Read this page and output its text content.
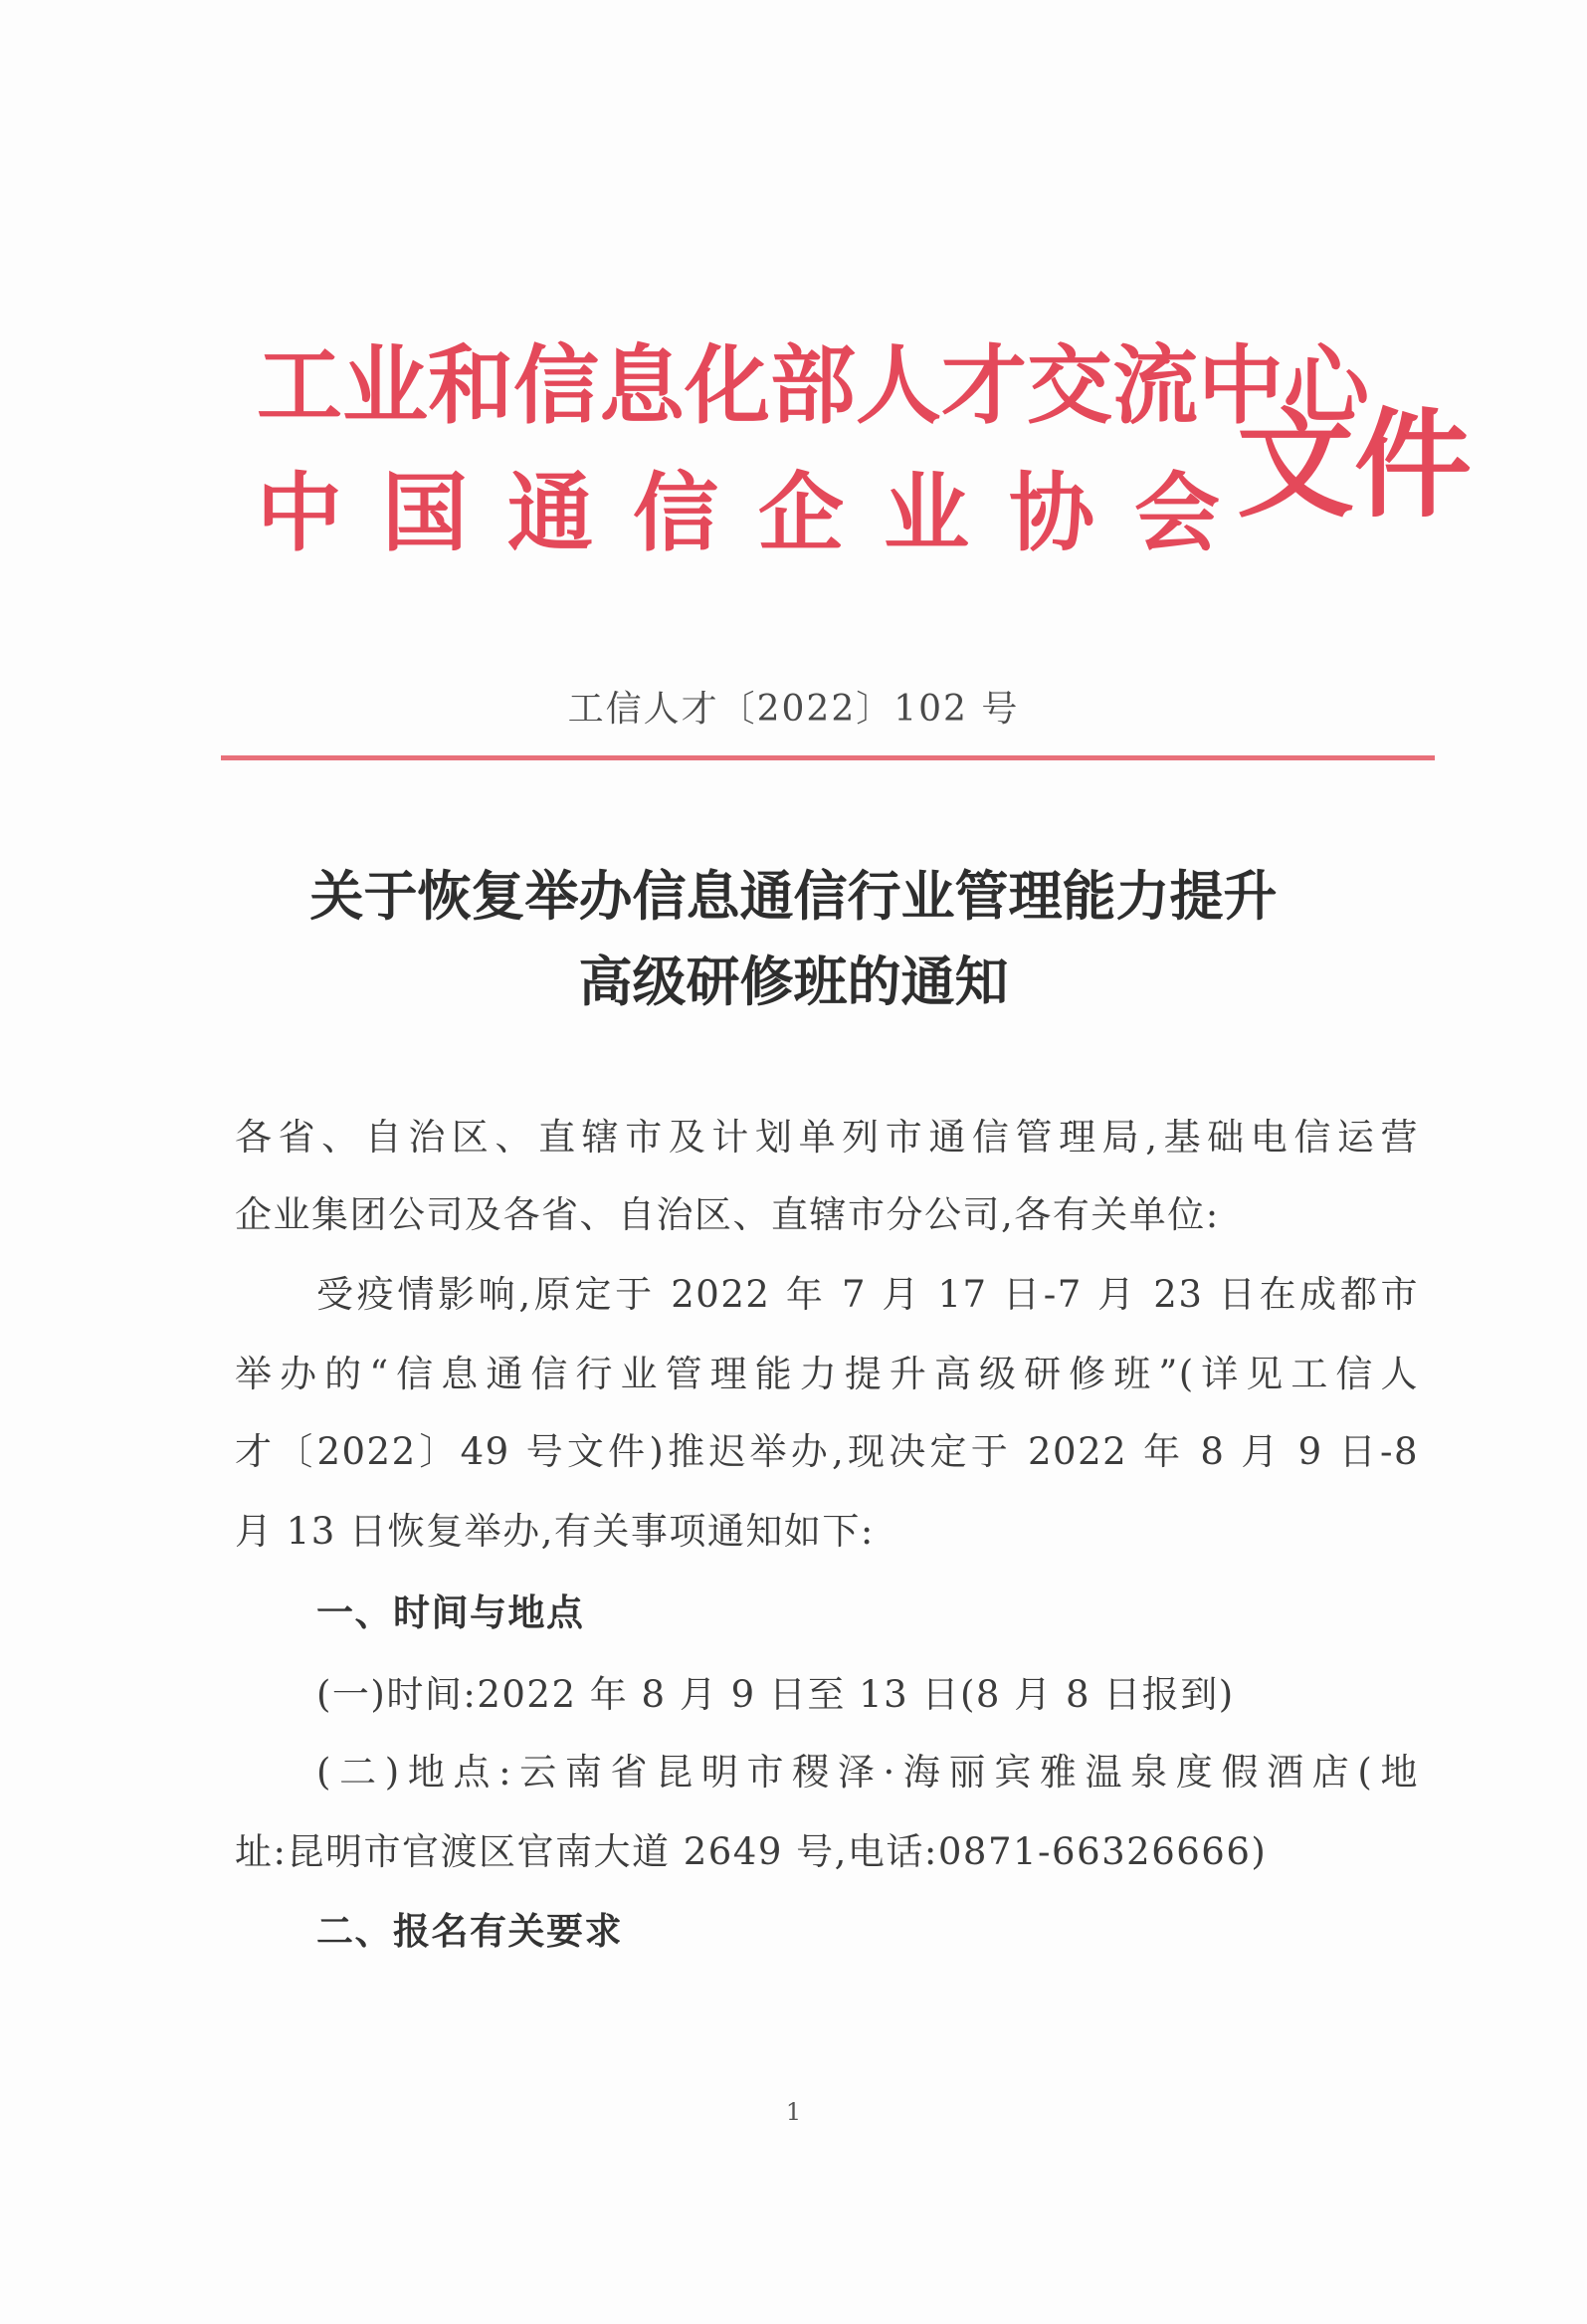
工业和信息化部人才交流中心
中国通信企业协会
文件
工信人才〔2022〕102 号
关于恢复举办信息通信行业管理能力提升
高级研修班的通知
各省、自治区、直辖市及计划单列市通信管理局,基础电信运营
企业集团公司及各省、自治区、直辖市分公司,各有关单位:
受疫情影响,原定于 2022 年 7 月 17 日-7 月 23 日在成都市
举办的“信息通信行业管理能力提升高级研修班”(详见工信人
才〔2022〕49 号文件)推迟举办,现决定于 2022 年 8 月 9 日-8
月 13 日恢复举办,有关事项通知如下:
一、时间与地点
(一)时间:2022 年 8 月 9 日至 13 日(8 月 8 日报到)
(二)地点:云南省昆明市稷泽·海丽宾雅温泉度假酒店(地
址:昆明市官渡区官南大道 2649 号,电话:0871-66326666)
二、报名有关要求
1
